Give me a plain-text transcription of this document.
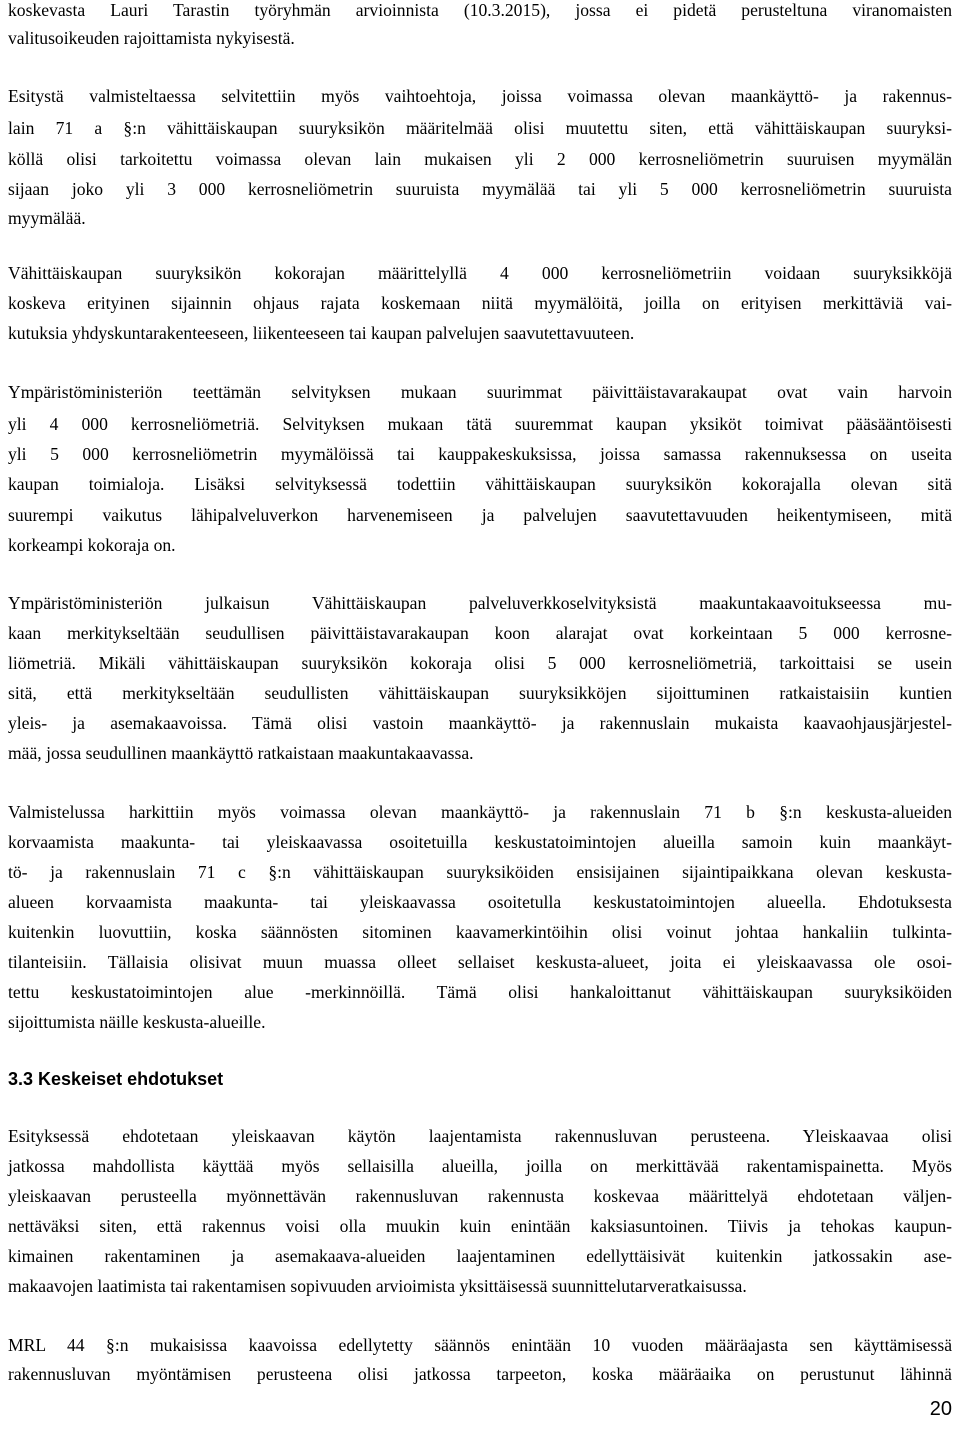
koskevasta Lauri Tarastin työryhmän arvioinnista (10.3.2015), jossa ei pidetä perusteltuna viranomaisten
valitusoikeuden rajoittamista nykyisestä.
Esitystä valmisteltaessa selvitettiin myös vaihtoehtoja, joissa voimassa olevan maankäyttö- ja rakennus-
lain 71 a §:n vähittäiskaupan suuryksikön määritelmää olisi muutettu siten, että vähittäiskaupan suuryksi-
köllä olisi tarkoitettu voimassa olevan lain mukaisen yli 2 000 kerrosneliömetrin suuruisen myymälän
sijaan joko yli 3 000 kerrosneliömetrin suuruista myymälää tai yli 5 000 kerrosneliömetrin suuruista
myymälää.
Vähittäiskaupan suuryksikön kokorajan määrittelyllä 4 000 kerrosneliömetriin voidaan suuryksikköjä
koskeva erityinen sijainnin ohjaus rajata koskemaan niitä myymälöitä, joilla on erityisen merkittäviä vai-
kutuksia yhdyskuntarakenteeseen, liikenteeseen tai kaupan palvelujen saavutettavuuteen.
Ympäristöministeriön teettämän selvityksen mukaan suurimmat päivittäistavarakaupat ovat vain harvoin
yli 4 000 kerrosneliömetriä. Selvityksen mukaan tätä suuremmat kaupan yksiköt toimivat pääsääntöisesti
yli 5 000 kerrosneliömetrin myymälöissä tai kauppakeskuksissa, joissa samassa rakennuksessa on useita
kaupan toimialoja. Lisäksi selvityksessä todettiin vähittäiskaupan suuryksikön kokorajalla olevan sitä
suurempi vaikutus lähipalveluverkon harvenemiseen ja palvelujen saavutettavuuden heikentymiseen, mitä
korkeampi kokoraja on.
Ympäristöministeriön julkaisun Vähittäiskaupan palveluverkkoselvityksistä maakuntakaavoitukseessa mu-
kaan merkitykseltään seudullisen päivittäistavarakaupan koon alarajat ovat korkeintaan 5 000 kerrosne-
liömetriä. Mikäli vähittäiskaupan suuryksikön kokoraja olisi 5 000 kerrosneliömetriä, tarkoittaisi se usein
sitä, että merkitykseltään seudullisten vähittäiskaupan suuryksikköjen sijoittuminen ratkaistaisiin kuntien
yleis- ja asemakaavoissa. Tämä olisi vastoin maankäyttö- ja rakennuslain mukaista kaavaohjausjärjestel-
mää, jossa seudullinen maankäyttö ratkaistaan maakuntakaavassa.
Valmistelussa harkittiin myös voimassa olevan maankäyttö- ja rakennuslain 71 b §:n keskusta-alueiden
korvaamista maakunta- tai yleiskaavassa osoitetuilla keskustatoimintojen alueilla samoin kuin maankäyt-
tö- ja rakennuslain 71 c §:n vähittäiskaupan suuryksiköiden ensisijainen sijaintipaikkana olevan keskusta-
alueen korvaamista maakunta- tai yleiskaavassa osoitetulla keskustatoimintojen alueella. Ehdotuksesta
kuitenkin luovuttiin, koska säännösten sitominen kaavamerkintöihin olisi voinut johtaa hankaliin tulkinta-
tilanteisiin. Tällaisia olisivat muun muassa olleet sellaiset keskusta-alueet, joita ei yleiskaavassa ole osoi-
tettu keskustatoimintojen alue -merkinnöillä. Tämä olisi hankaloittanut vähittäiskaupan suuryksiköiden
sijoittumista näille keskusta-alueille.
3.3 Keskeiset ehdotukset
Esityksessä ehdotetaan yleiskaavan käytön laajentamista rakennusluvan perusteena. Yleiskaavaa olisi
jatkossa mahdollista käyttää myös sellaisilla alueilla, joilla on merkittävää rakentamispainetta. Myös
yleiskaavan perusteella myönnettävän rakennusluvan rakennusta koskevaa määrittelyä ehdotetaan väljen-
nettäväksi siten, että rakennus voisi olla muukin kuin enintään kaksiasuntoinen. Tiivis ja tehokas kaupun-
kimainen rakentaminen ja asemakaava-alueiden laajentaminen edellyttäisivät kuitenkin jatkossakin ase-
makaavojen laatimista tai rakentamisen sopivuuden arvioimista yksittäisessä suunnittelutarveratkaisussa.
MRL 44 §:n mukaisissa kaavoissa edellytetty säännös enintään 10 vuoden määräajasta sen käyttämisessä
rakennusluvan myöntämisen perusteena olisi jatkossa tarpeeton, koska määräaika on perustunut lähinnä
20
